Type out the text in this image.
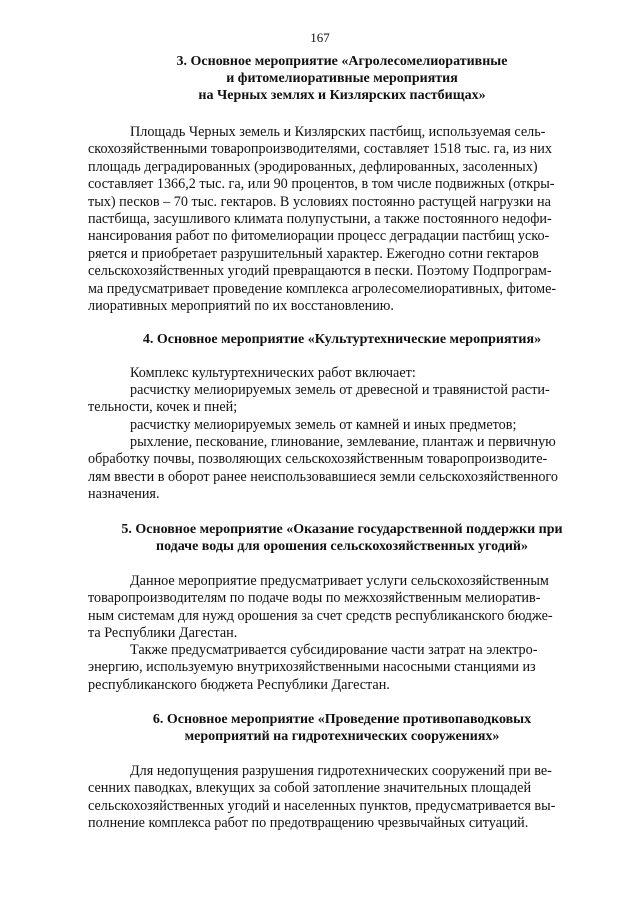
167
3. Основное мероприятие «Агролесомелиоративные
и фитомелиоративные мероприятия
на Черных землях и Кизлярских пастбищах»
Площадь Черных земель и Кизлярских пастбищ, используемая сель-
скохозяйственными товаропроизводителями, составляет 1518 тыс. га, из них
площадь деградированных (эродированных, дефлированных, засоленных)
составляет 1366,2 тыс. га, или 90 процентов, в том числе подвижных (откры-
тых) песков – 70 тыс. гектаров. В условиях постоянно растущей нагрузки на
пастбища, засушливого климата полупустыни, а также постоянного недофи-
нансирования работ по фитомелиорации процесс деградации пастбищ уско-
ряется и приобретает разрушительный характер. Ежегодно сотни гектаров
сельскохозяйственных угодий превращаются в пески. Поэтому Подпрограм-
ма предусматривает проведение комплекса агролесомелиоративных, фитоме-
лиоративных мероприятий по их восстановлению.
4. Основное мероприятие «Культуртехнические мероприятия»
Комплекс культуртехнических работ включает:
расчистку мелиорируемых земель от древесной и травянистой расти-
тельности, кочек и пней;
расчистку мелиорируемых земель от камней и иных предметов;
рыхление, пескование, глинование, землевание, плантаж и первичную
обработку почвы, позволяющих сельскохозяйственным товаропроизводите-
лям ввести в оборот ранее неиспользовавшиеся земли сельскохозяйственного
назначения.
5. Основное мероприятие «Оказание государственной поддержки при
подаче воды для орошения сельскохозяйственных угодий»
Данное мероприятие предусматривает услуги сельскохозяйственным
товаропроизводителям по подаче воды по межхозяйственным мелиоратив-
ным системам для нужд орошения за счет средств республиканского бюдже-
та Республики Дагестан.
Также предусматривается субсидирование части затрат на электро-
энергию, используемую внутрихозяйственными насосными станциями из
республиканского бюджета Республики Дагестан.
6. Основное мероприятие «Проведение противопаводковых
мероприятий на гидротехнических сооружениях»
Для недопущения разрушения гидротехнических сооружений при ве-
сенних паводках, влекущих за собой затопление значительных площадей
сельскохозяйственных угодий и населенных пунктов, предусматривается вы-
полнение комплекса работ по предотвращению чрезвычайных ситуаций.
